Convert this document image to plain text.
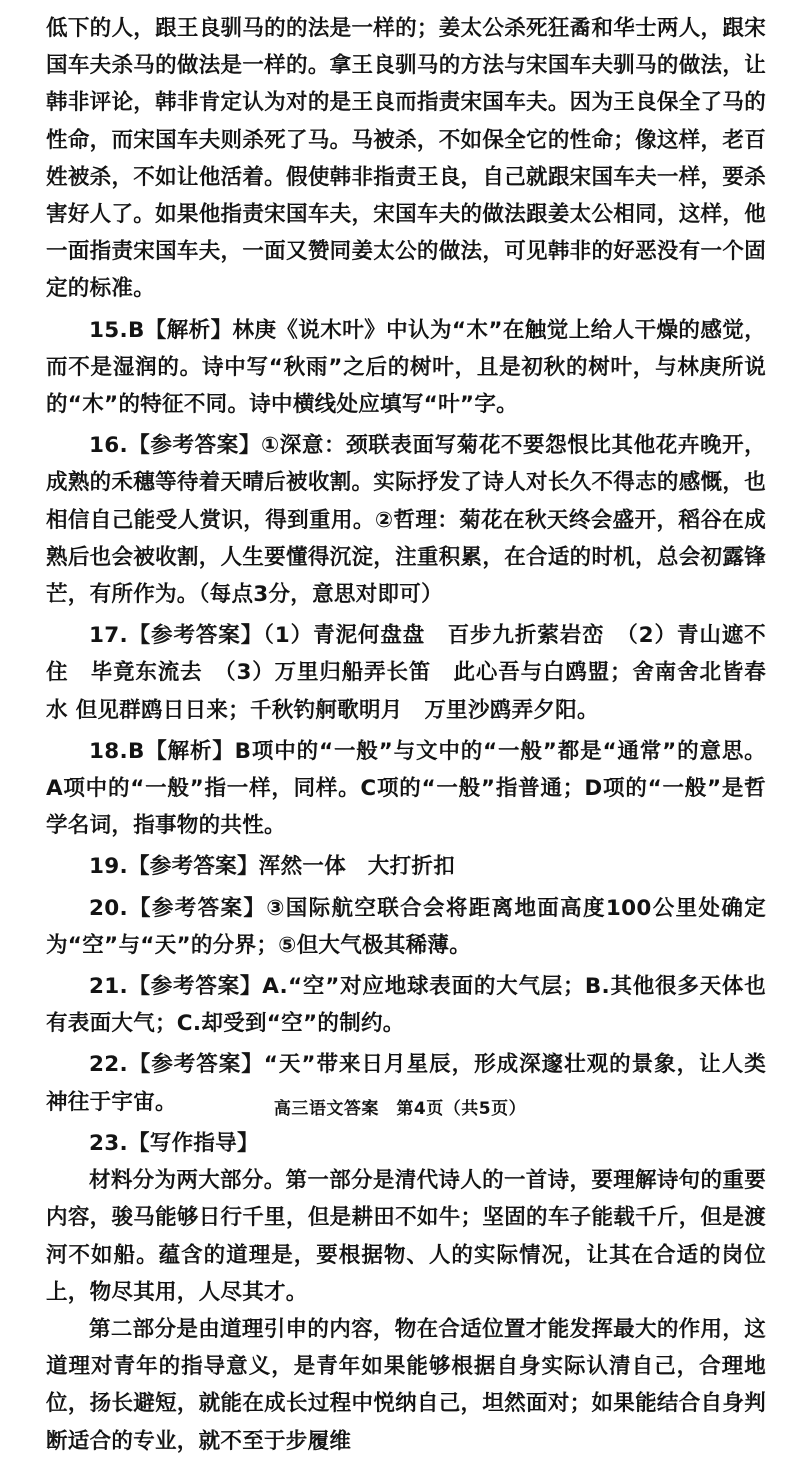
低下的人，跟王良驯马的的法是一样的；姜太公杀死狂矞和华士两人，跟宋国车夫杀马的做法是一样的。拿王良驯马的方法与宋国车夫驯马的做法，让韩非评论，韩非肯定认为对的是王良而指责宋国车夫。因为王良保全了马的性命，而宋国车夫则杀死了马。马被杀，不如保全它的性命；像这样，老百姓被杀，不如让他活着。假使韩非指责王良，自己就跟宋国车夫一样，要杀害好人了。如果他指责宋国车夫，宋国车夫的做法跟姜太公相同，这样，他一面指责宋国车夫，一面又赞同姜太公的做法，可见韩非的好恶没有一个固定的标准。

15.B【解析】林庚《说木叶》中认为“木”在触觉上给人干燥的感觉，而不是湿润的。诗中写“秋雨”之后的树叶，且是初秋的树叶，与林庚所说的“木”的特征不同。诗中横线处应填写“叶”字。

16.【参考答案】①深意：颈联表面写菊花不要怨恨比其他花卉晚开，成熟的禾穗等待着天晴后被收割。实际抒发了诗人对长久不得志的感慨，也相信自己能受人赏识，得到重用。②哲理：菊花在秋天终会盛开，稻谷在成熟后也会被收割，人生要懂得沉淀，注重积累，在合适的时机，总会初露锋芒，有所作为。（每点3分，意思对即可）

17.【参考答案】（1）青泥何盘盘　百步九折萦岩峦　（2）青山遮不住　毕竟东流去　（3）万里归船弄长笛　此心吾与白鸥盟；舍南舍北皆春水 但见群鸥日日来；千秋钓舸歌明月　万里沙鸥弄夕阳。

18.B【解析】B项中的“一般”与文中的“一般”都是“通常”的意思。A项中的“一般”指一样，同样。C项的“一般”指普通；D项的“一般”是哲学名词，指事物的共性。

19.【参考答案】浑然一体　大打折扣

20.【参考答案】③国际航空联合会将距离地面高度100公里处确定为“空”与“天”的分界；⑤但大气极其稀薄。

21.【参考答案】A.“空”对应地球表面的大气层；B.其他很多天体也有表面大气；C.却受到“空”的制约。

22.【参考答案】“天”带来日月星辰，形成深邃壮观的景象，让人类神往于宇宙。

23.【写作指导】

材料分为两大部分。第一部分是清代诗人的一首诗，要理解诗句的重要内容，骏马能够日行千里，但是耕田不如牛；坚固的车子能载千斤，但是渡河不如船。蕴含的道理是，要根据物、人的实际情况，让其在合适的岗位上，物尽其用，人尽其才。

第二部分是由道理引申的内容，物在合适位置才能发挥最大的作用，这道理对青年的指导意义，是青年如果能够根据自身实际认清自己，合理地位，扬长避短，就能在成长过程中悦纳自己，坦然面对；如果能结合自身判断适合的专业，就不至于步履维

高三语文答案　第4页（共5页）
